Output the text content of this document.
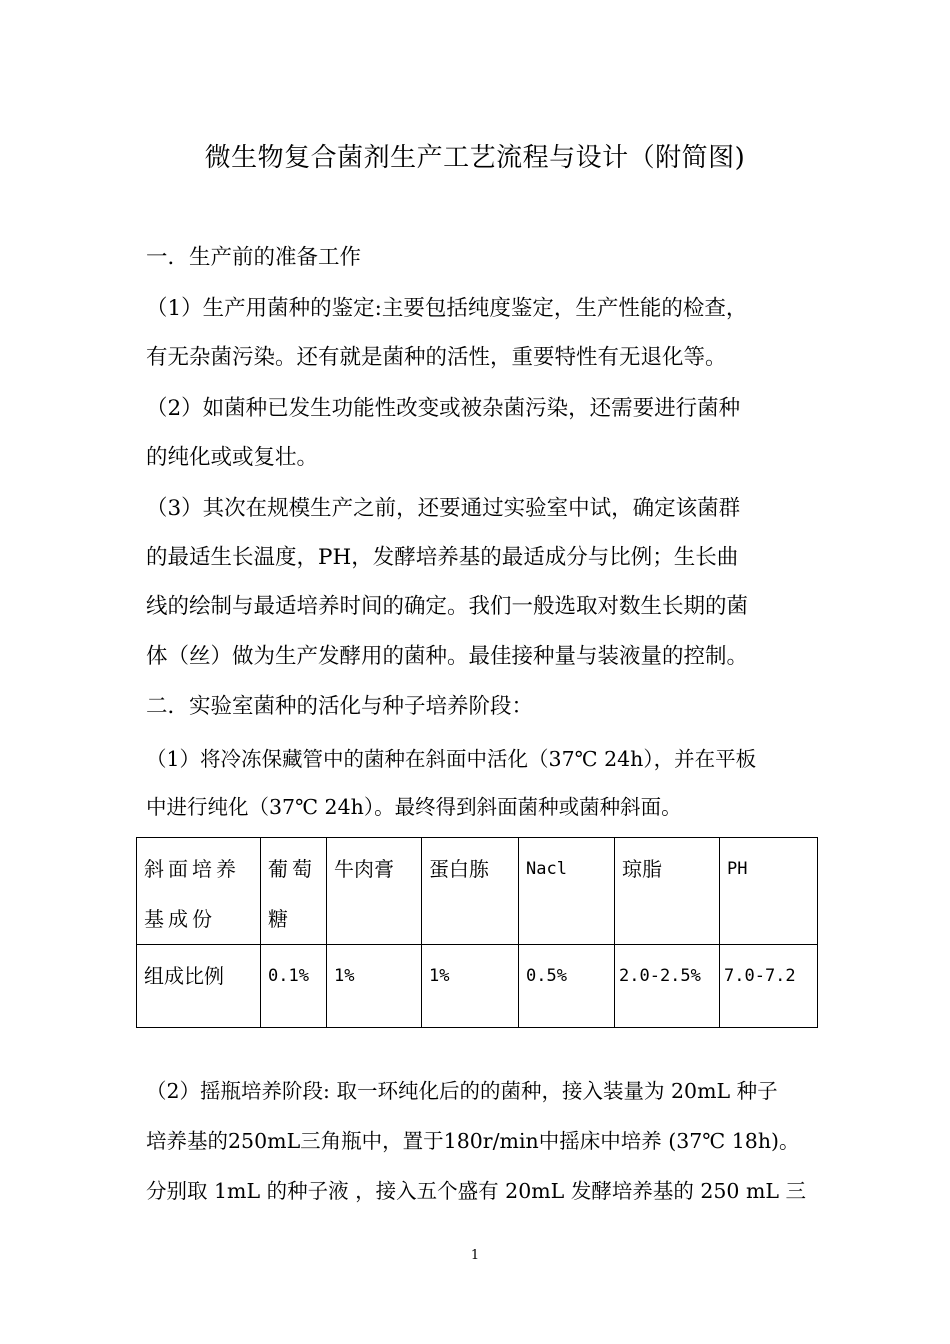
微生物复合菌剂生产工艺流程与设计（附简图)
一．生产前的准备工作
（1）生产用菌种的鉴定:主要包括纯度鉴定，生产性能的检查，
有无杂菌污染。还有就是菌种的活性，重要特性有无退化等。
（2）如菌种已发生功能性改变或被杂菌污染，还需要进行菌种
的纯化或或复壮。
（3）其次在规模生产之前，还要通过实验室中试，确定该菌群
的最适生长温度，PH，发酵培养基的最适成分与比例；生长曲
线的绘制与最适培养时间的确定。我们一般选取对数生长期的菌
体（丝）做为生产发酵用的菌种。最佳接种量与装液量的控制。
二．实验室菌种的活化与种子培养阶段：
（1）将冷冻保藏管中的菌种在斜面中活化（37℃ 24h），并在平板
中进行纯化（37℃ 24h）。最终得到斜面菌种或菌种斜面。
斜面培养基成份	葡萄糖	牛肉膏	蛋白胨	Nacl	琼脂	PH
组成比例	0.1%	1%	1%	0.5%	2.0-2.5%	7.0-7.2
（2）摇瓶培养阶段: 取一环纯化后的的菌种，接入装量为 20mL 种子
培养基的250mL三角瓶中，置于180r/min中摇床中培养 (37℃ 18h)。
分别取 1mL 的种子液 ，接入五个盛有 20mL 发酵培养基的 250 mL 三
1
